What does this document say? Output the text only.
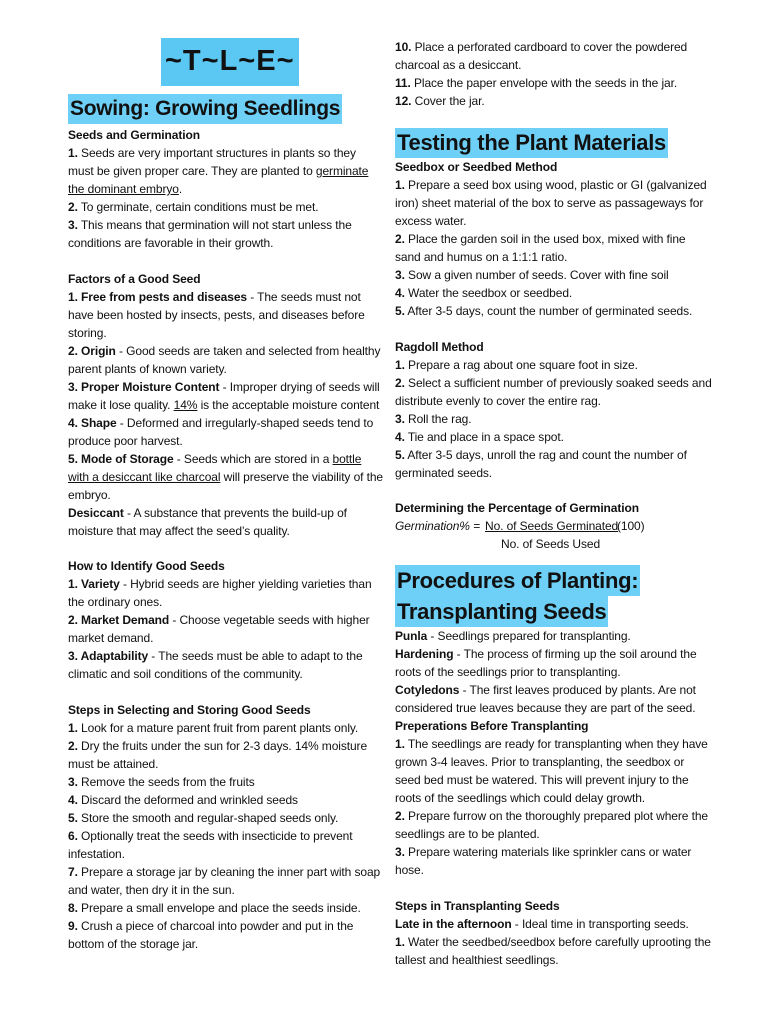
~T~L~E~
Sowing: Growing Seedlings

Seeds and Germination

1. Seeds are very important structures in plants so they must be given proper care. They are planted to germinate the dominant embryo.

2. To germinate, certain conditions must be met.

3. This means that germination will not start unless the conditions are favorable in their growth.

Factors of a Good Seed

1. Free from pests and diseases - The seeds must not have been hosted by insects, pests, and diseases before storing.

2. Origin - Good seeds are taken and selected from healthy parent plants of known variety.

3. Proper Moisture Content - Improper drying of seeds will make it lose quality. 14% is the acceptable moisture content

4. Shape - Deformed and irregularly-shaped seeds tend to produce poor harvest.

5. Mode of Storage - Seeds which are stored in a bottle with a desiccant like charcoal will preserve the viability of the embryo.

Desiccant - A substance that prevents the build-up of moisture that may affect the seed’s quality.

How to Identify Good Seeds

1. Variety - Hybrid seeds are higher yielding varieties than the ordinary ones.

2. Market Demand - Choose vegetable seeds with higher market demand.

3. Adaptability - The seeds must be able to adapt to the climatic and soil conditions of the community.

Steps in Selecting and Storing Good Seeds

1. Look for a mature parent fruit from parent plants only.

2. Dry the fruits under the sun for 2-3 days. 14% moisture must be attained.

3. Remove the seeds from the fruits

4. Discard the deformed and wrinkled seeds

5. Store the smooth and regular-shaped seeds only.

6. Optionally treat the seeds with insecticide to prevent infestation.

7. Prepare a storage jar by cleaning the inner part with soap and water, then dry it in the sun.

8. Prepare a small envelope and place the seeds inside.

9. Crush a piece of charcoal into powder and put in the bottom of the storage jar.

10. Place a perforated cardboard to cover the powdered charcoal as a desiccant.

11. Place the paper envelope with the seeds in the jar.

12. Cover the jar.

Testing the Plant Materials

Seedbox or Seedbed Method

1. Prepare a seed box using wood, plastic or GI (galvanized iron) sheet material of the box to serve as passageways for excess water.

2. Place the garden soil in the used box, mixed with fine sand and humus on a 1:1:1 ratio.

3. Sow a given number of seeds. Cover with fine soil

4. Water the seedbox or seedbed.

5. After 3-5 days, count the number of germinated seeds.

Ragdoll Method

1. Prepare a rag about one square foot in size.

2. Select a sufficient number of previously soaked seeds and distribute evenly to cover the entire rag.

3. Roll the rag.

4. Tie and place in a space spot.

5. After 3-5 days, unroll the rag and count the number of germinated seeds.

Determining the Percentage of Germination

Germination% = No. of Seeds Germinated
(100)
No. of Seeds Used
Procedures of Planting:
Transplanting Seeds

Punla - Seedlings prepared for transplanting.

Hardening - The process of firming up the soil around the roots of the seedlings prior to transplanting.

Cotyledons - The first leaves produced by plants. Are not considered true leaves because they are part of the seed.

Preperations Before Transplanting

1. The seedlings are ready for transplanting when they have grown 3-4 leaves. Prior to transplanting, the seedbox or seed bed must be watered. This will prevent injury to the roots of the seedlings which could delay growth.

2. Prepare furrow on the thoroughly prepared plot where the seedlings are to be planted.

3. Prepare watering materials like sprinkler cans or water hose.

Steps in Transplanting Seeds

Late in the afternoon - Ideal time in transporting seeds.

1. Water the seedbed/seedbox before carefully uprooting the tallest and healthiest seedlings.
